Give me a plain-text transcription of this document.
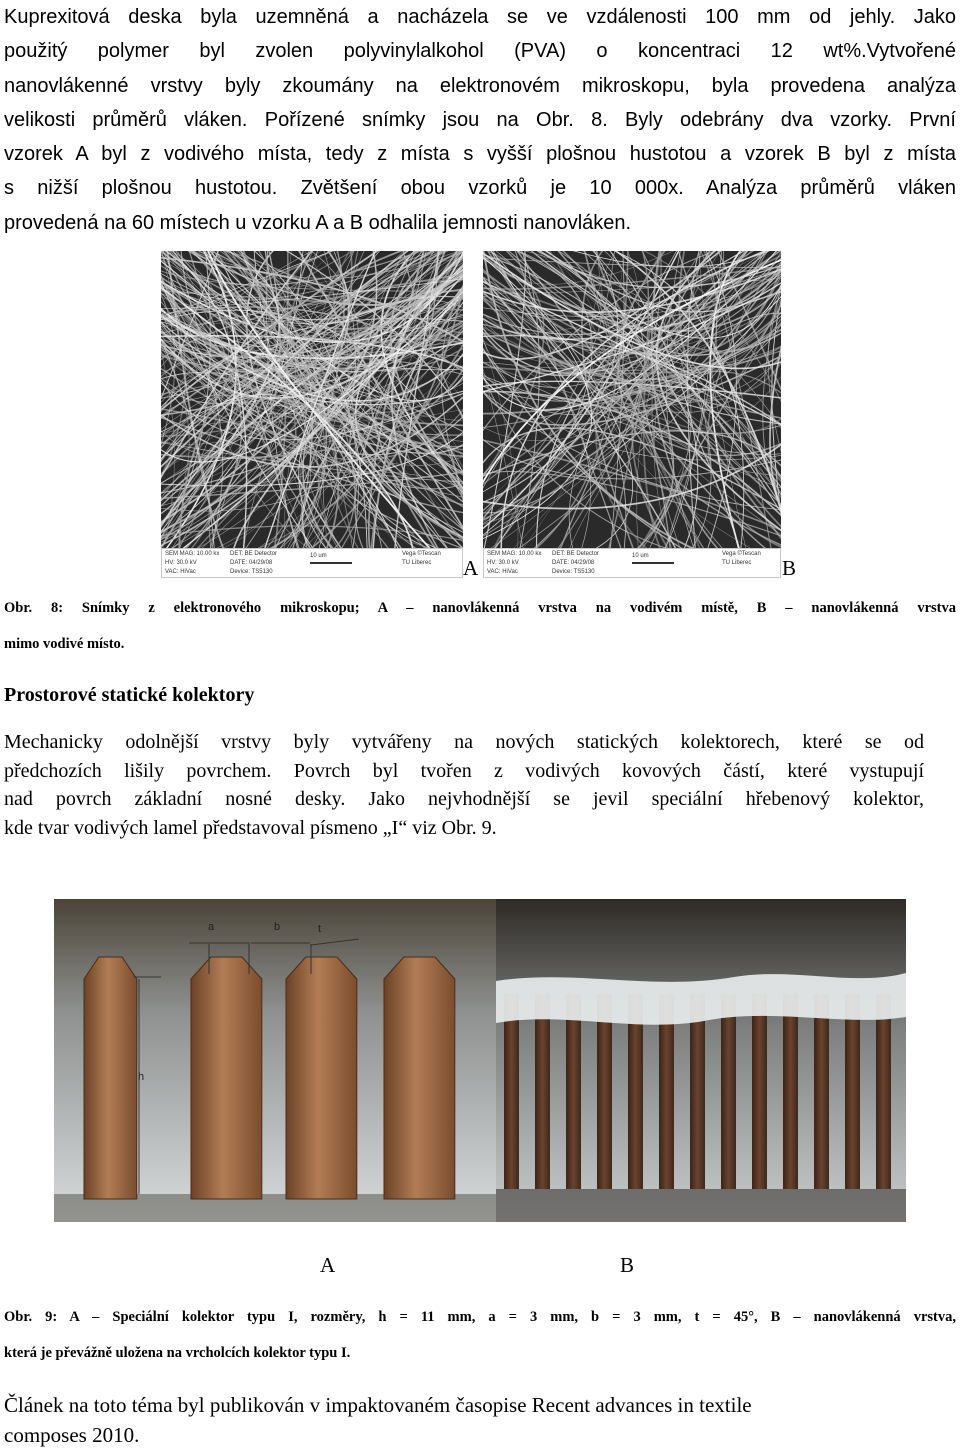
Kuprexitová deska byla uzemněná a nacházela se ve vzdálenosti 100 mm od jehly. Jako
použitý polymer byl zvolen polyvinylalkohol (PVA) o koncentraci 12 wt%.Vytvořené
nanovlákenné vrstvy byly zkoumány na elektronovém mikroskopu, byla provedena analýza
velikosti průměrů vláken. Pořízené snímky jsou na Obr. 8. Byly odebrány dva vzorky. První
vzorek A byl z vodivého místa, tedy z místa s vyšší plošnou hustotou a vzorek B byl z místa
s nižší plošnou hustotou. Zvětšení obou vzorků je 10 000x. Analýza průměrů vláken
provedená na 60 místech u vzorku A a B odhalila jemnosti nanovláken.

SEM MAG: 10.00 kx
HV: 30.0 kV
VAC: HiVac
DET: BE Detector
DATE: 04/29/08
Device: TS5130
10 um	Vega ©Tescan
TU Liberec
SEM MAG: 10.00 kx
HV: 30.0 kV
VAC: HiVac
DET: BE Detector
DATE: 04/29/08
Device: TS5130
10 um	Vega ©Tescan
TU Liberec
A	B

Obr. 8: Snímky z elektronového mikroskopu; A – nanovlákenná vrstva na vodivém místě, B – nanovlákenná vrstva
mimo vodivé místo.

Prostorové statické kolektory

Mechanicky odolnější vrstvy byly vytvářeny na nových statických kolektorech, které se od
předchozích lišily povrchem. Povrch byl tvořen z vodivých kovových částí, které vystupují
nad povrch základní nosné desky. Jako nejvhodnější se jevil speciální hřebenový kolektor,
kde tvar vodivých lamel představoval písmeno „I“ viz Obr. 9.

a	b	t
h
A	B

Obr. 9: A – Speciální kolektor typu I, rozměry, h = 11 mm, a = 3 mm, b = 3 mm, t = 45°, B – nanovlákenná vrstva,
která je převážně uložena na vrcholcích kolektor typu I.

Článek na toto téma byl publikován v impaktovaném časopise Recent advances in textile
composes 2010.
